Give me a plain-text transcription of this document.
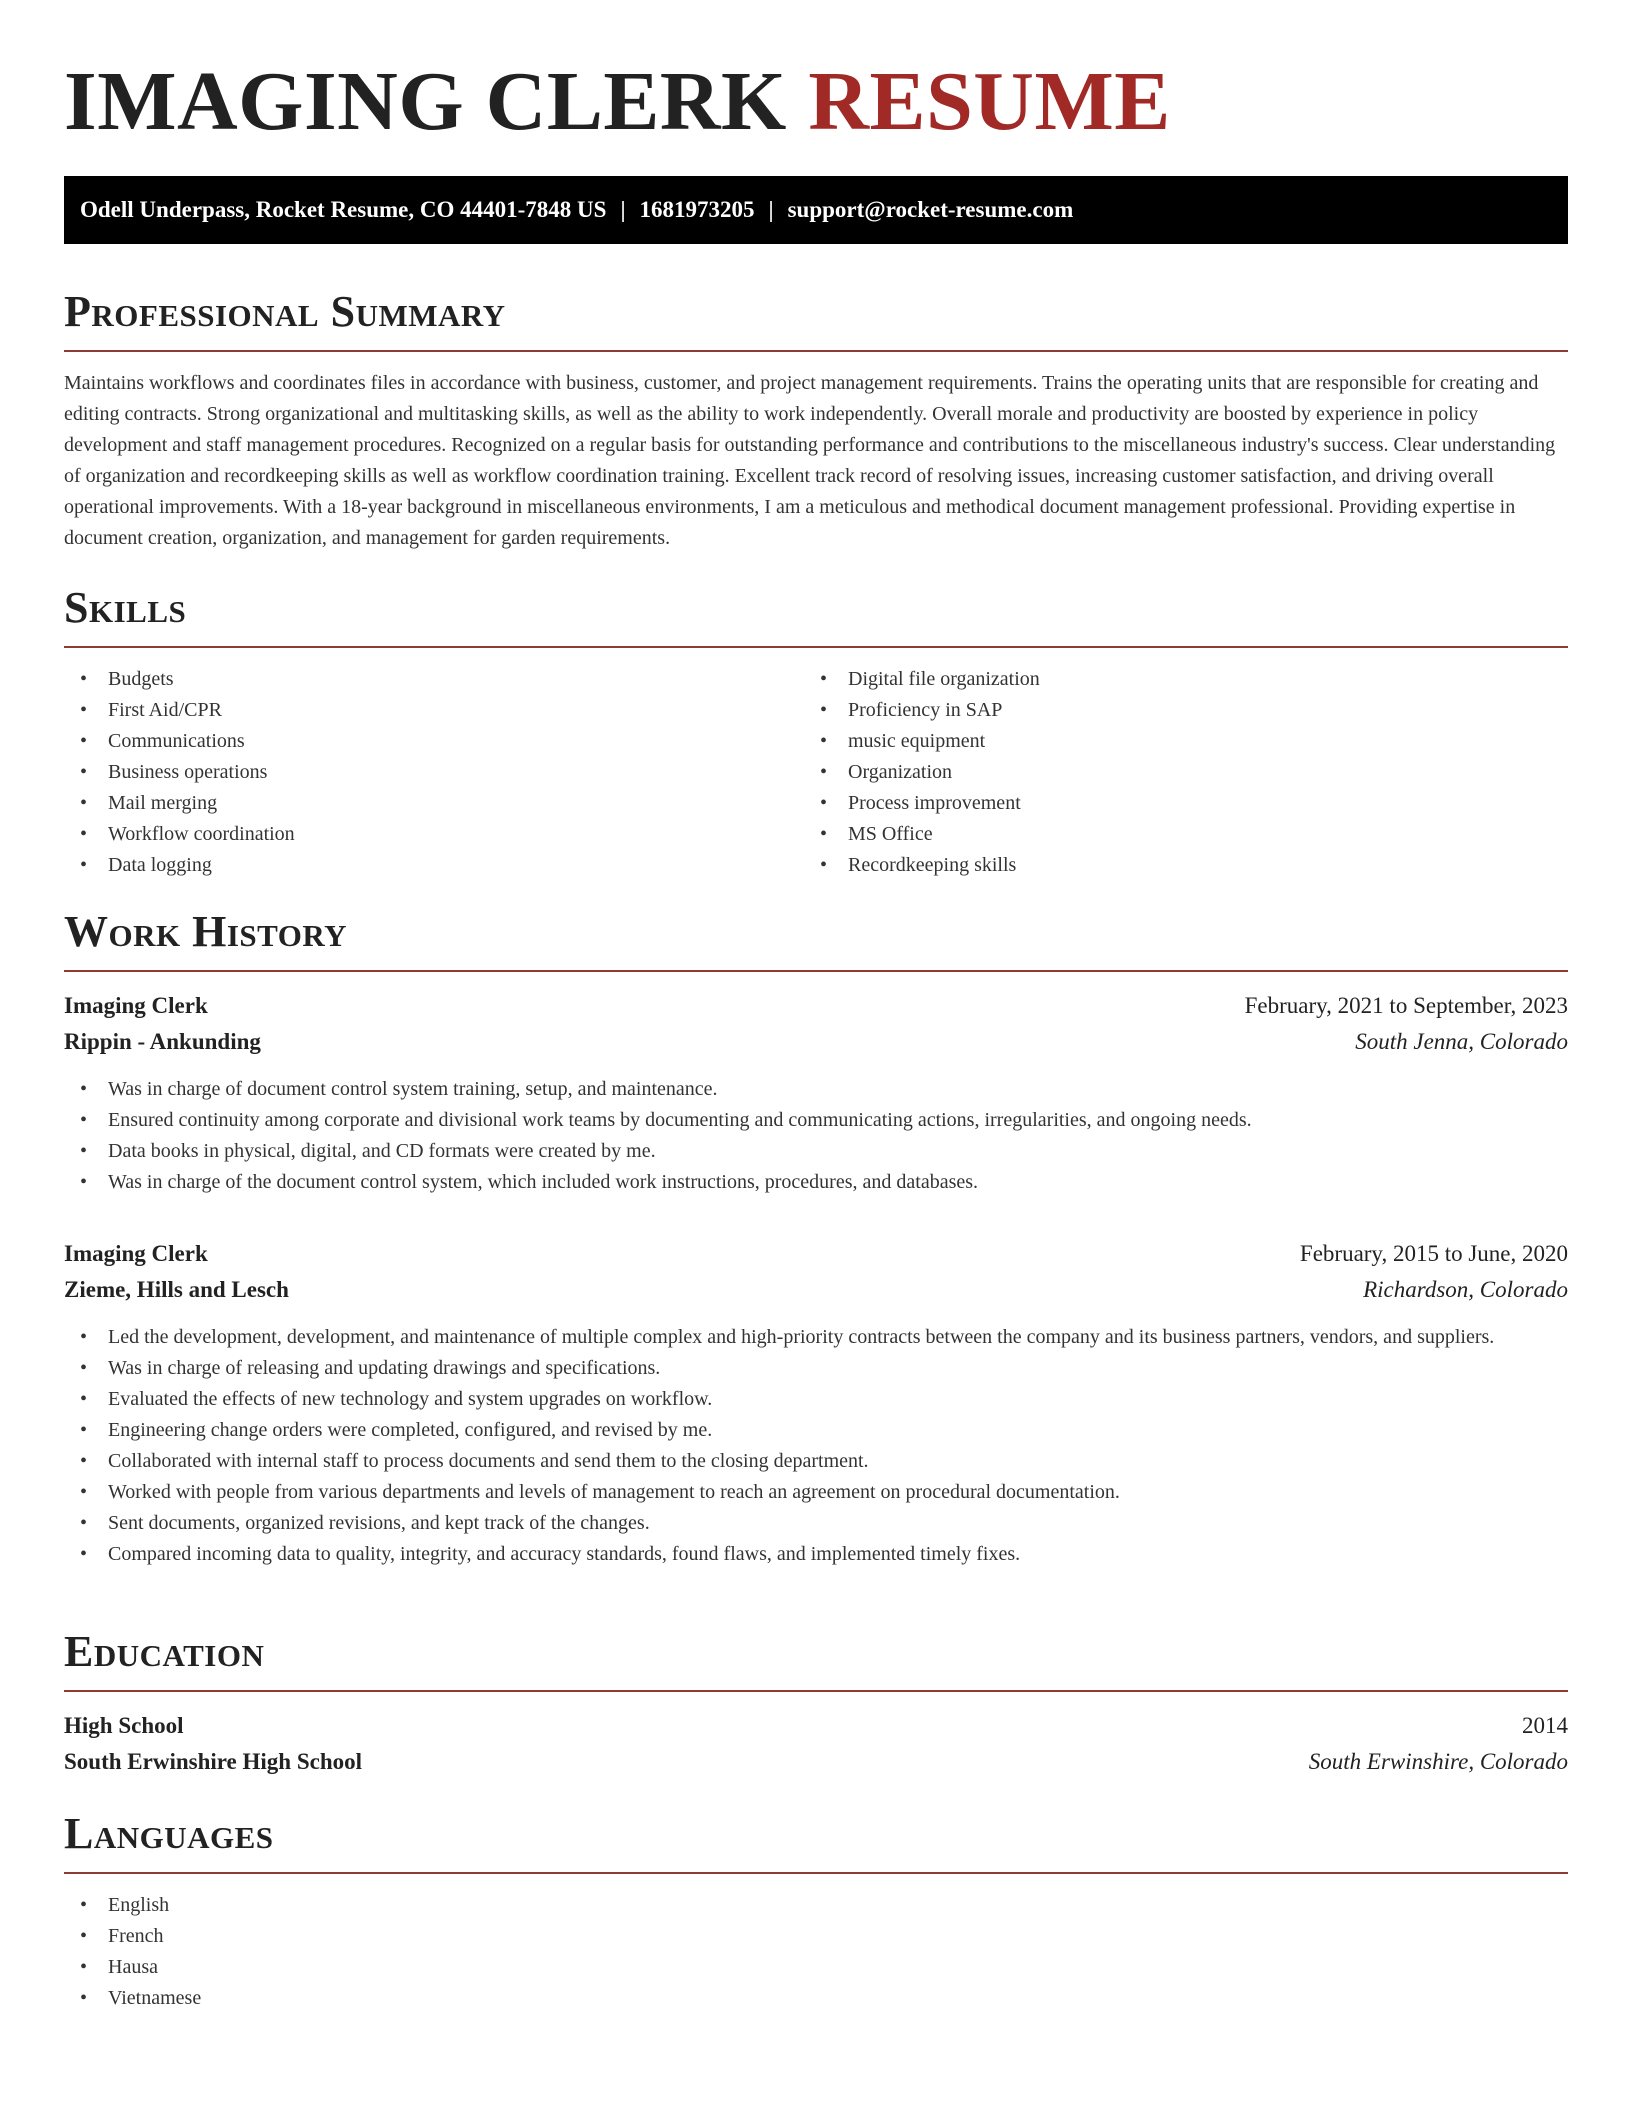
IMAGING CLERK RESUME
Odell Underpass, Rocket Resume, CO 44401-7848 US | 1681973205 | support@rocket-resume.com
Professional Summary

Maintains workflows and coordinates files in accordance with business, customer, and project management requirements. Trains the operating units that are responsible for creating and editing contracts. Strong organizational and multitasking skills, as well as the ability to work independently. Overall morale and productivity are boosted by experience in policy development and staff management procedures. Recognized on a regular basis for outstanding performance and contributions to the miscellaneous industry's success. Clear understanding of organization and recordkeeping skills as well as workflow coordination training. Excellent track record of resolving issues, increasing customer satisfaction, and driving overall operational improvements. With a 18-year background in miscellaneous environments, I am a meticulous and methodical document management professional. Providing expertise in document creation, organization, and management for garden requirements.

Skills
• Budgets
• First Aid/CPR
• Communications
• Business operations
• Mail merging
• Workflow coordination
• Data logging
• Digital file organization
• Proficiency in SAP
• music equipment
• Organization
• Process improvement
• MS Office
• Recordkeeping skills
Work History
Imaging Clerk	February, 2021 to September, 2023
Rippin - Ankunding	South Jenna, Colorado
• Was in charge of document control system training, setup, and maintenance.
• Ensured continuity among corporate and divisional work teams by documenting and communicating actions, irregularities, and ongoing needs.
• Data books in physical, digital, and CD formats were created by me.
• Was in charge of the document control system, which included work instructions, procedures, and databases.
Imaging Clerk	February, 2015 to June, 2020
Zieme, Hills and Lesch	Richardson, Colorado
• Led the development, development, and maintenance of multiple complex and high-priority contracts between the company and its business partners, vendors, and suppliers.
• Was in charge of releasing and updating drawings and specifications.
• Evaluated the effects of new technology and system upgrades on workflow.
• Engineering change orders were completed, configured, and revised by me.
• Collaborated with internal staff to process documents and send them to the closing department.
• Worked with people from various departments and levels of management to reach an agreement on procedural documentation.
• Sent documents, organized revisions, and kept track of the changes.
• Compared incoming data to quality, integrity, and accuracy standards, found flaws, and implemented timely fixes.
Education
High School	2014
South Erwinshire High School	South Erwinshire, Colorado
Languages
• English
• French
• Hausa
• Vietnamese
